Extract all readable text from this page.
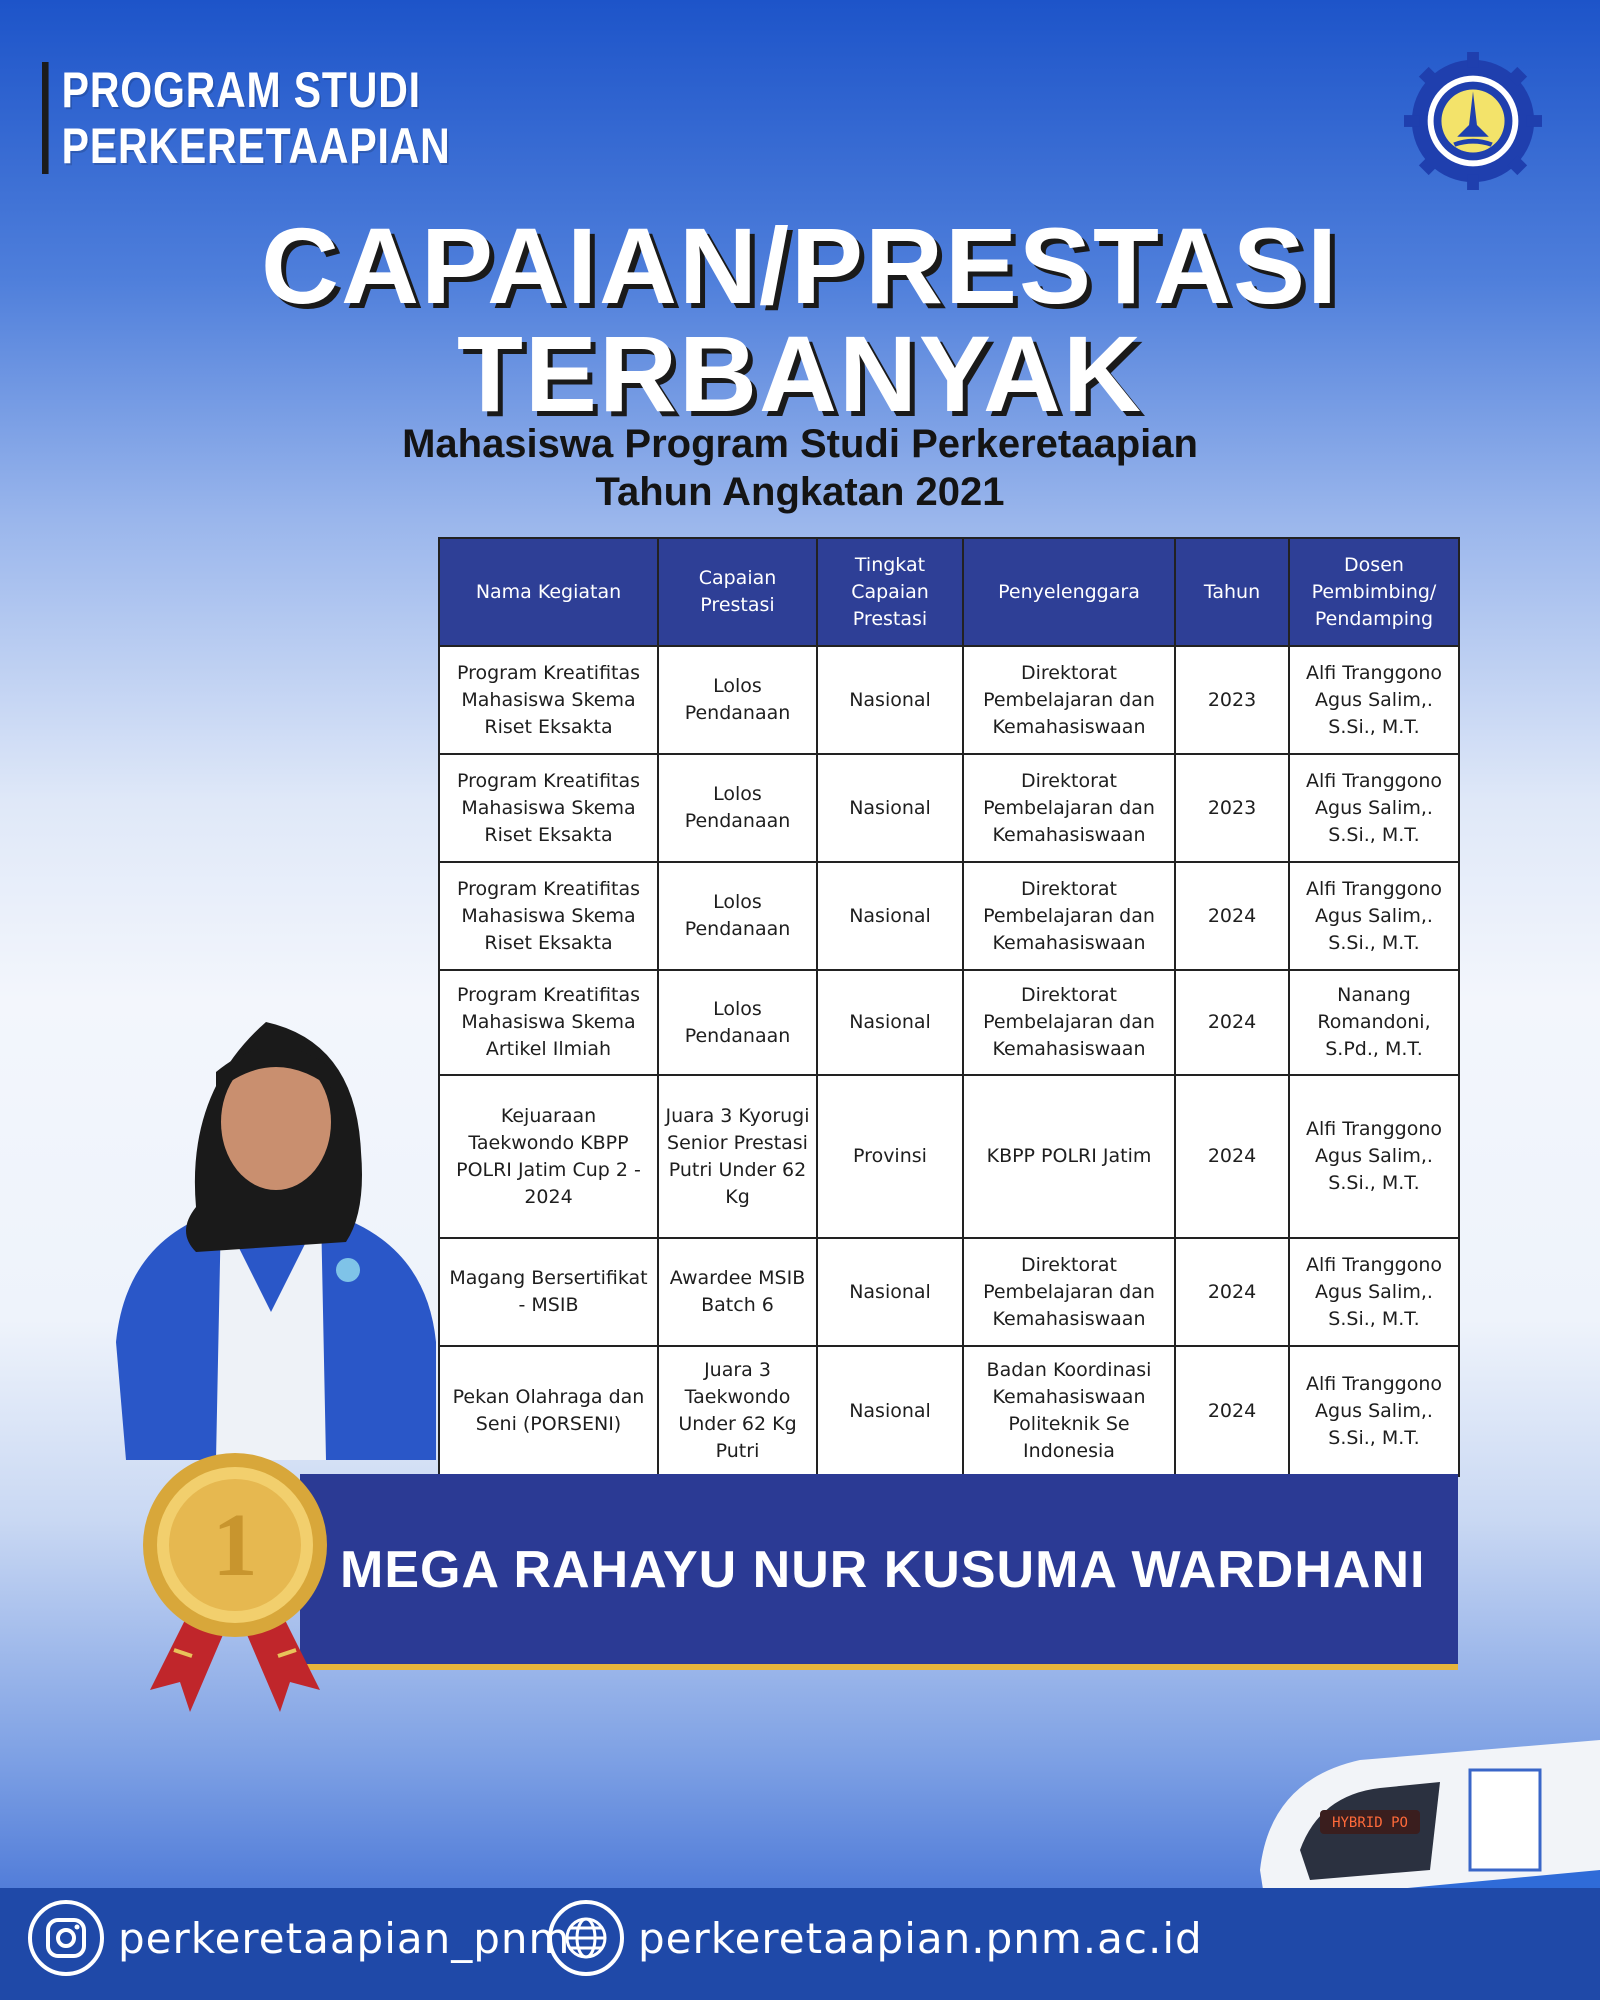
PROGRAM STUDI
PERKERETAAPIAN
CAPAIAN/PRESTASI
TERBANYAK
Mahasiswa Program Studi Perkeretaapian
Tahun Angkatan 2021
Nama Kegiatan	Capaian Prestasi	Tingkat Capaian Prestasi	Penyelenggara	Tahun	Dosen Pembimbing/ Pendamping
Program Kreatifitas Mahasiswa Skema Riset Eksakta	Lolos Pendanaan	Nasional	Direktorat Pembelajaran dan Kemahasiswaan	2023	Alfi Tranggono Agus Salim,. S.Si., M.T.
Program Kreatifitas Mahasiswa Skema Riset Eksakta	Lolos Pendanaan	Nasional	Direktorat Pembelajaran dan Kemahasiswaan	2023	Alfi Tranggono Agus Salim,. S.Si., M.T.
Program Kreatifitas Mahasiswa Skema Riset Eksakta	Lolos Pendanaan	Nasional	Direktorat Pembelajaran dan Kemahasiswaan	2024	Alfi Tranggono Agus Salim,. S.Si., M.T.
Program Kreatifitas Mahasiswa Skema Artikel Ilmiah	Lolos Pendanaan	Nasional	Direktorat Pembelajaran dan Kemahasiswaan	2024	Nanang Romandoni, S.Pd., M.T.
Kejuaraan Taekwondo KBPP POLRI Jatim Cup 2 - 2024	Juara 3 Kyorugi Senior Prestasi Putri Under 62 Kg	Provinsi	KBPP POLRI Jatim	2024	Alfi Tranggono Agus Salim,. S.Si., M.T.
Magang Bersertifikat - MSIB	Awardee MSIB Batch 6	Nasional	Direktorat Pembelajaran dan Kemahasiswaan	2024	Alfi Tranggono Agus Salim,. S.Si., M.T.
Pekan Olahraga dan Seni (PORSENI)	Juara 3 Taekwondo Under 62 Kg Putri	Nasional	Badan Koordinasi Kemahasiswaan Politeknik Se Indonesia	2024	Alfi Tranggono Agus Salim,. S.Si., M.T.
MEGA RAHAYU NUR KUSUMA WARDHANI
1
HYBRID PO
perkeretaapian_pnm perkeretaapian.pnm.ac.id
